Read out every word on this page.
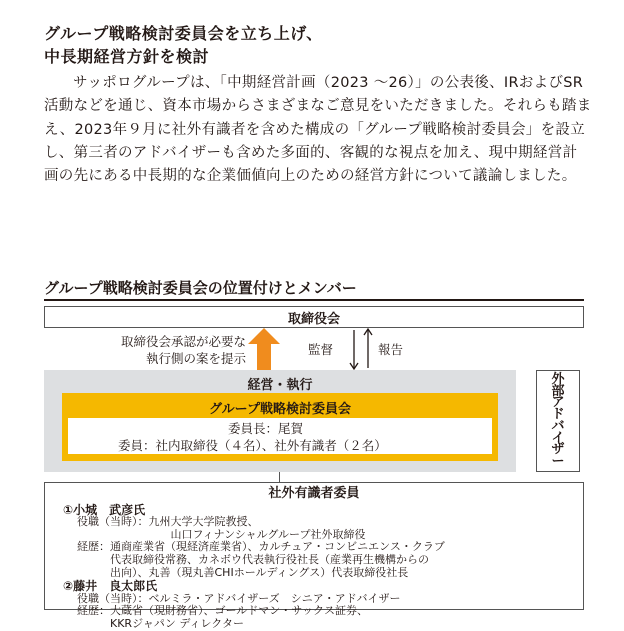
グループ戦略検討委員会を立ち上げ、
中長期経営方針を検討

サッポログループは、「中期経営計画（2023 ～26）」の公表後、IRおよびSR活動などを通じ、資本市場からさまざまなご意見をいただきました。それらも踏まえ、2023年９月に社外有識者を含めた構成の「グループ戦略検討委員会」を設立し、第三者のアドバイザーも含めた多面的、客観的な視点を加え、現中期経営計画の先にある中長期的な企業価値向上のための経営方針について議論しました。

グループ戦略検討委員会の位置付けとメンバー
取締役会
取締役会承認が必要な
執行側の案を提示
監督	報告
経営・執行
グループ戦略検討委員会
委員長：尾賀
委員：社内取締役（４名）、社外有識者（２名）
外
部
ア
ド
バ
イ
ザ
ー
社外有識者委員
①小城　武彦氏
役職（当時）： 九州大学大学院教授、
山口フィナンシャルグループ社外取締役
経歴： 通商産業省（現経済産業省）、カルチュア・コンビニエンス・クラブ
代表取締役常務、カネボウ代表執行役社長（産業再生機構からの
出向）、丸善（現丸善CHIホールディングス）代表取締役社長
②藤井　良太郎氏
役職（当時）： ベルミラ・アドバイザーズ　シニア・アドバイザー
経歴： 大蔵省（現財務省）、ゴールドマン・サックス証券、
KKRジャパン ディレクター
